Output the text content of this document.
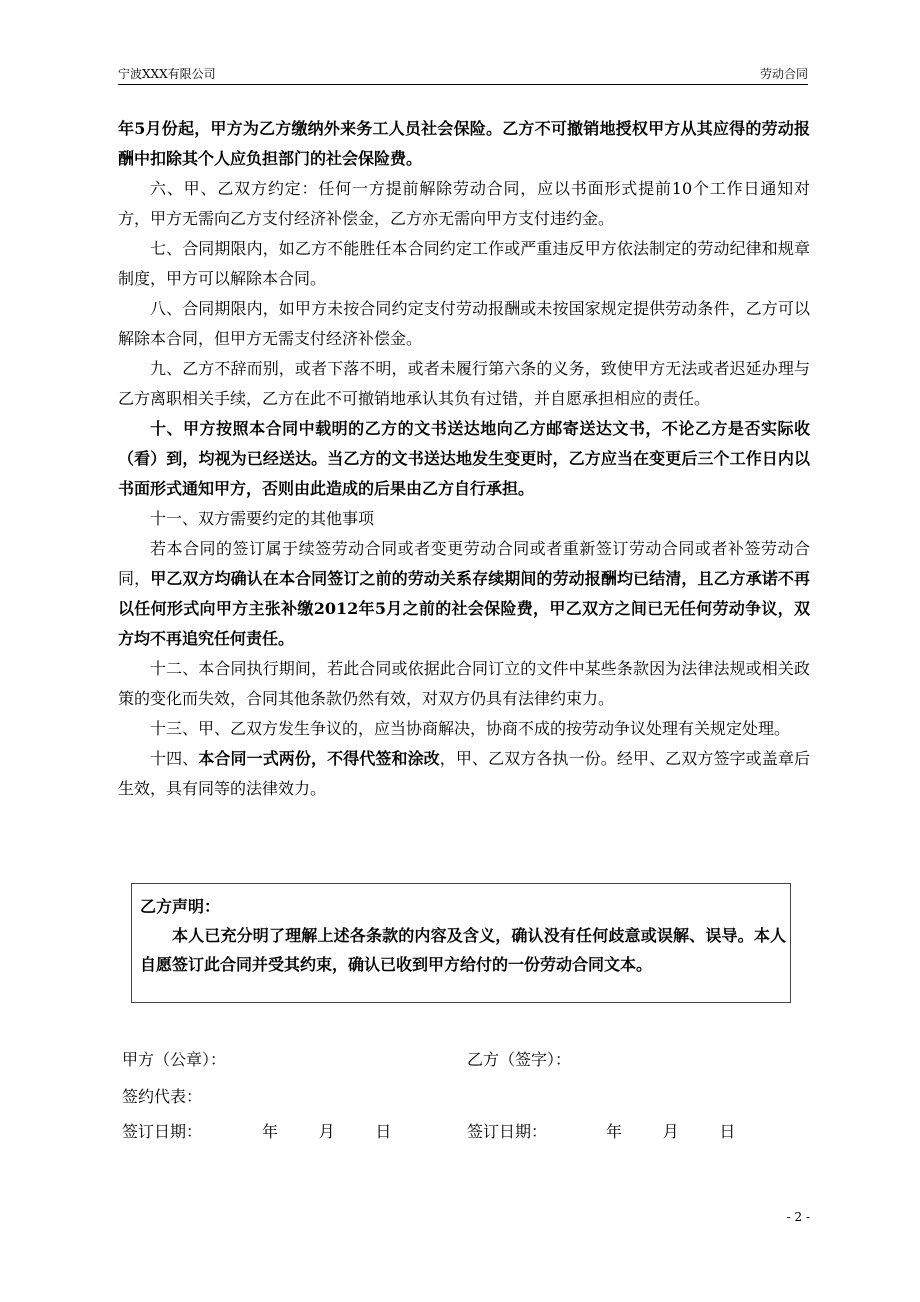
宁波XXX有限公司	劳动合同

年5月份起，甲方为乙方缴纳外来务工人员社会保险。乙方不可撤销地授权甲方从其应得的劳动报酬中扣除其个人应负担部门的社会保险费。

六、甲、乙双方约定：任何一方提前解除劳动合同，应以书面形式提前10个工作日通知对方，甲方无需向乙方支付经济补偿金，乙方亦无需向甲方支付违约金。

七、合同期限内，如乙方不能胜任本合同约定工作或严重违反甲方依法制定的劳动纪律和规章制度，甲方可以解除本合同。

八、合同期限内，如甲方未按合同约定支付劳动报酬或未按国家规定提供劳动条件，乙方可以解除本合同，但甲方无需支付经济补偿金。

九、乙方不辞而别，或者下落不明，或者未履行第六条的义务，致使甲方无法或者迟延办理与乙方离职相关手续，乙方在此不可撤销地承认其负有过错，并自愿承担相应的责任。

十、甲方按照本合同中载明的乙方的文书送达地向乙方邮寄送达文书，不论乙方是否实际收（看）到，均视为已经送达。当乙方的文书送达地发生变更时，乙方应当在变更后三个工作日内以书面形式通知甲方，否则由此造成的后果由乙方自行承担。

十一、双方需要约定的其他事项

若本合同的签订属于续签劳动合同或者变更劳动合同或者重新签订劳动合同或者补签劳动合同，甲乙双方均确认在本合同签订之前的劳动关系存续期间的劳动报酬均已结清，且乙方承诺不再以任何形式向甲方主张补缴2012年5月之前的社会保险费，甲乙双方之间已无任何劳动争议，双方均不再追究任何责任。

十二、本合同执行期间，若此合同或依据此合同订立的文件中某些条款因为法律法规或相关政策的变化而失效，合同其他条款仍然有效，对双方仍具有法律约束力。

十三、甲、乙双方发生争议的，应当协商解决，协商不成的按劳动争议处理有关规定处理。

十四、本合同一式两份，不得代签和涂改，甲、乙双方各执一份。经甲、乙双方签字或盖章后生效，具有同等的法律效力。

乙方声明：

本人已充分明了理解上述各条款的内容及含义，确认没有任何歧意或误解、误导。本人自愿签订此合同并受其约束，确认已收到甲方给付的一份劳动合同文本。

甲方（公章）：	乙方（签字）：
签约代表：
签订日期：	年        月        日	签订日期：	年        月        日
- 2 -
